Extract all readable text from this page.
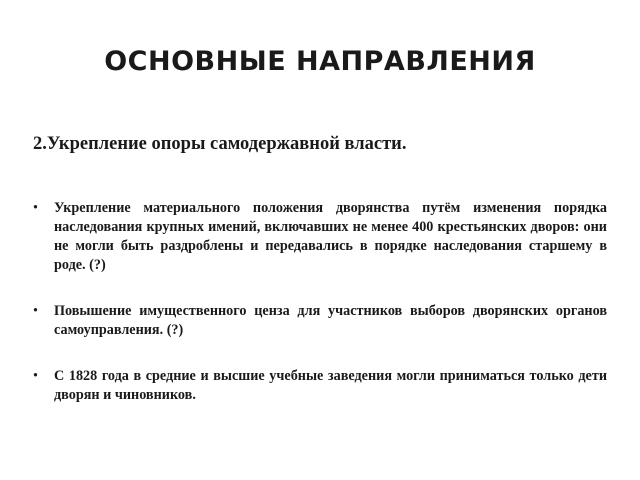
ОСНОВНЫЕ НАПРАВЛЕНИЯ
2.Укрепление опоры самодержавной власти.
• Укрепление материального положения дворянства путём изменения порядка наследования крупных имений, включавших не менее 400 крестьянских дворов: они не могли быть раздроблены и передавались в порядке наследования старшему в роде. (?)
• Повышение имущественного ценза для участников выборов дворянских органов самоуправления. (?)
• С 1828 года в средние и высшие учебные заведения могли приниматься только дети дворян и чиновников.
